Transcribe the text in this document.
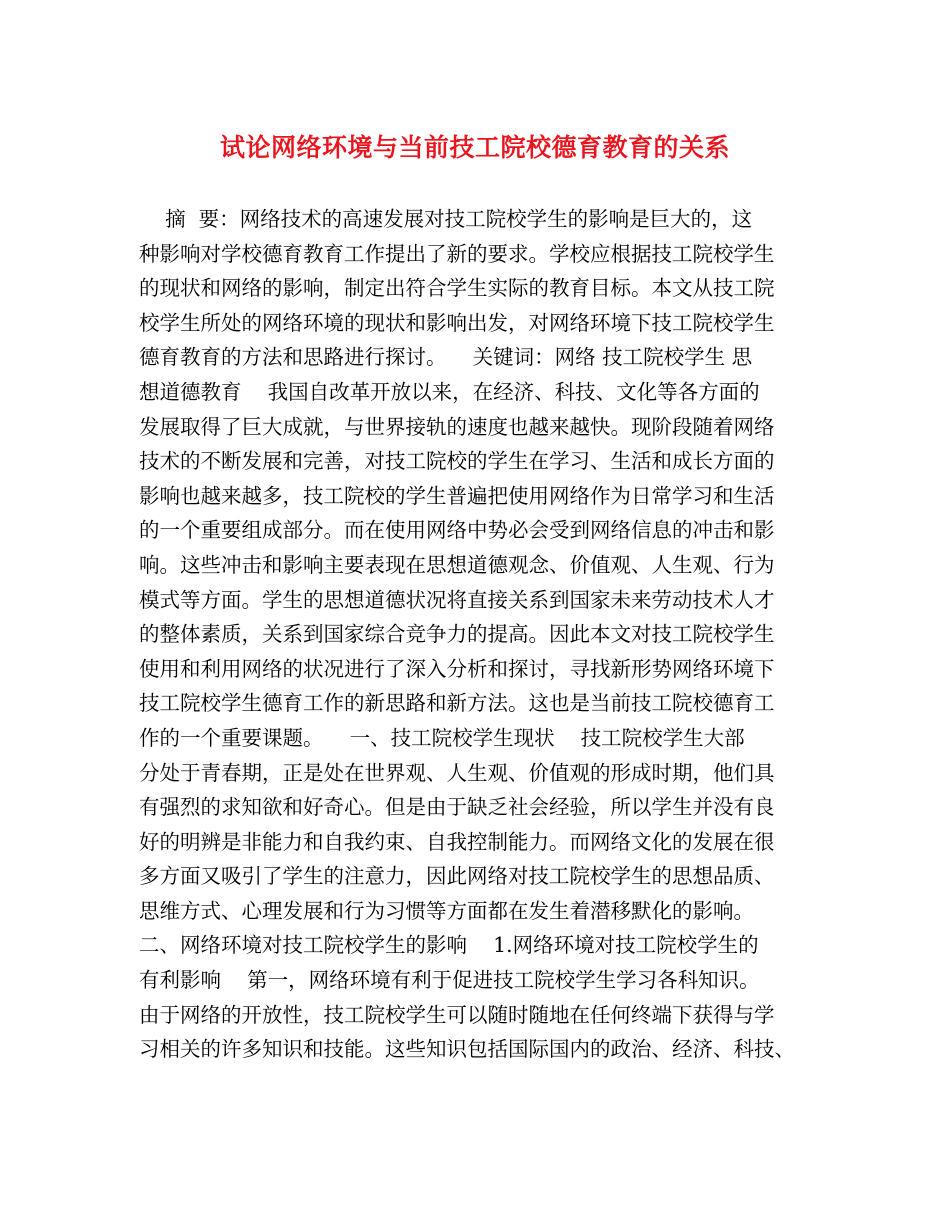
试论网络环境与当前技工院校德育教育的关系
摘  要：网络技术的高速发展对技工院校学生的影响是巨大的，这
种影响对学校德育教育工作提出了新的要求。学校应根据技工院校学生
的现状和网络的影响，制定出符合学生实际的教育目标。本文从技工院
校学生所处的网络环境的现状和影响出发，对网络环境下技工院校学生
德育教育的方法和思路进行探讨。    关键词：网络 技工院校学生 思
想道德教育    我国自改革开放以来，在经济、科技、文化等各方面的
发展取得了巨大成就，与世界接轨的速度也越来越快。现阶段随着网络
技术的不断发展和完善，对技工院校的学生在学习、生活和成长方面的
影响也越来越多，技工院校的学生普遍把使用网络作为日常学习和生活
的一个重要组成部分。而在使用网络中势必会受到网络信息的冲击和影
响。这些冲击和影响主要表现在思想道德观念、价值观、人生观、行为
模式等方面。学生的思想道德状况将直接关系到国家未来劳动技术人才
的整体素质，关系到国家综合竞争力的提高。因此本文对技工院校学生
使用和利用网络的状况进行了深入分析和探讨，寻找新形势网络环境下
技工院校学生德育工作的新思路和新方法。这也是当前技工院校德育工
作的一个重要课题。    一、技工院校学生现状    技工院校学生大部
分处于青春期，正是处在世界观、人生观、价值观的形成时期，他们具
有强烈的求知欲和好奇心。但是由于缺乏社会经验，所以学生并没有良
好的明辨是非能力和自我约束、自我控制能力。而网络文化的发展在很
多方面又吸引了学生的注意力，因此网络对技工院校学生的思想品质、
思维方式、心理发展和行为习惯等方面都在发生着潜移默化的影响。
二、网络环境对技工院校学生的影响    1.网络环境对技工院校学生的
有利影响    第一，网络环境有利于促进技工院校学生学习各科知识。
由于网络的开放性，技工院校学生可以随时随地在任何终端下获得与学
习相关的许多知识和技能。这些知识包括国际国内的政治、经济、科技、
